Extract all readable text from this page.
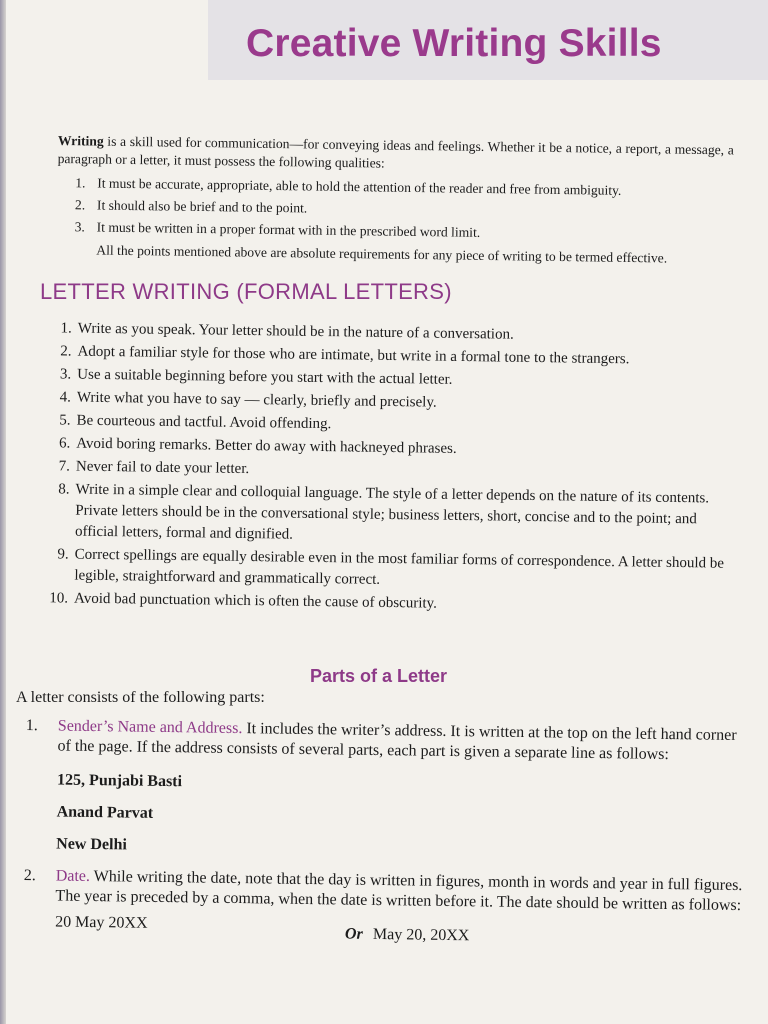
Creative Writing Skills

Writing is a skill used for communication—for conveying ideas and feelings. Whether it be a notice, a report, a message, a paragraph or a letter, it must possess the following qualities:

1. It must be accurate, appropriate, able to hold the attention of the reader and free from ambiguity.
2. It should also be brief and to the point.
3. It must be written in a proper format with in the prescribed word limit.
All the points mentioned above are absolute requirements for any piece of writing to be termed effective.
LETTER WRITING (FORMAL LETTERS)
1. Write as you speak. Your letter should be in the nature of a conversation.
2. Adopt a familiar style for those who are intimate, but write in a formal tone to the strangers.
3. Use a suitable beginning before you start with the actual letter.
4. Write what you have to say — clearly, briefly and precisely.
5. Be courteous and tactful. Avoid offending.
6. Avoid boring remarks. Better do away with hackneyed phrases.
7. Never fail to date your letter.
8. Write in a simple clear and colloquial language. The style of a letter depends on the nature of its contents. Private letters should be in the conversational style; business letters, short, concise and to the point; and official letters, formal and dignified.
9. Correct spellings are equally desirable even in the most familiar forms of correspondence. A letter should be legible, straightforward and grammatically correct.
10. Avoid bad punctuation which is often the cause of obscurity.
Parts of a Letter

A letter consists of the following parts:

1. Sender’s Name and Address. It includes the writer’s address. It is written at the top on the left hand corner of the page. If the address consists of several parts, each part is given a separate line as follows:
125, Punjabi Basti
Anand Parvat
New Delhi
2. Date. While writing the date, note that the day is written in figures, month in words and year in full figures. The year is preceded by a comma, when the date is written before it. The date should be written as follows:
20 May 20XX
Or May 20, 20XX
